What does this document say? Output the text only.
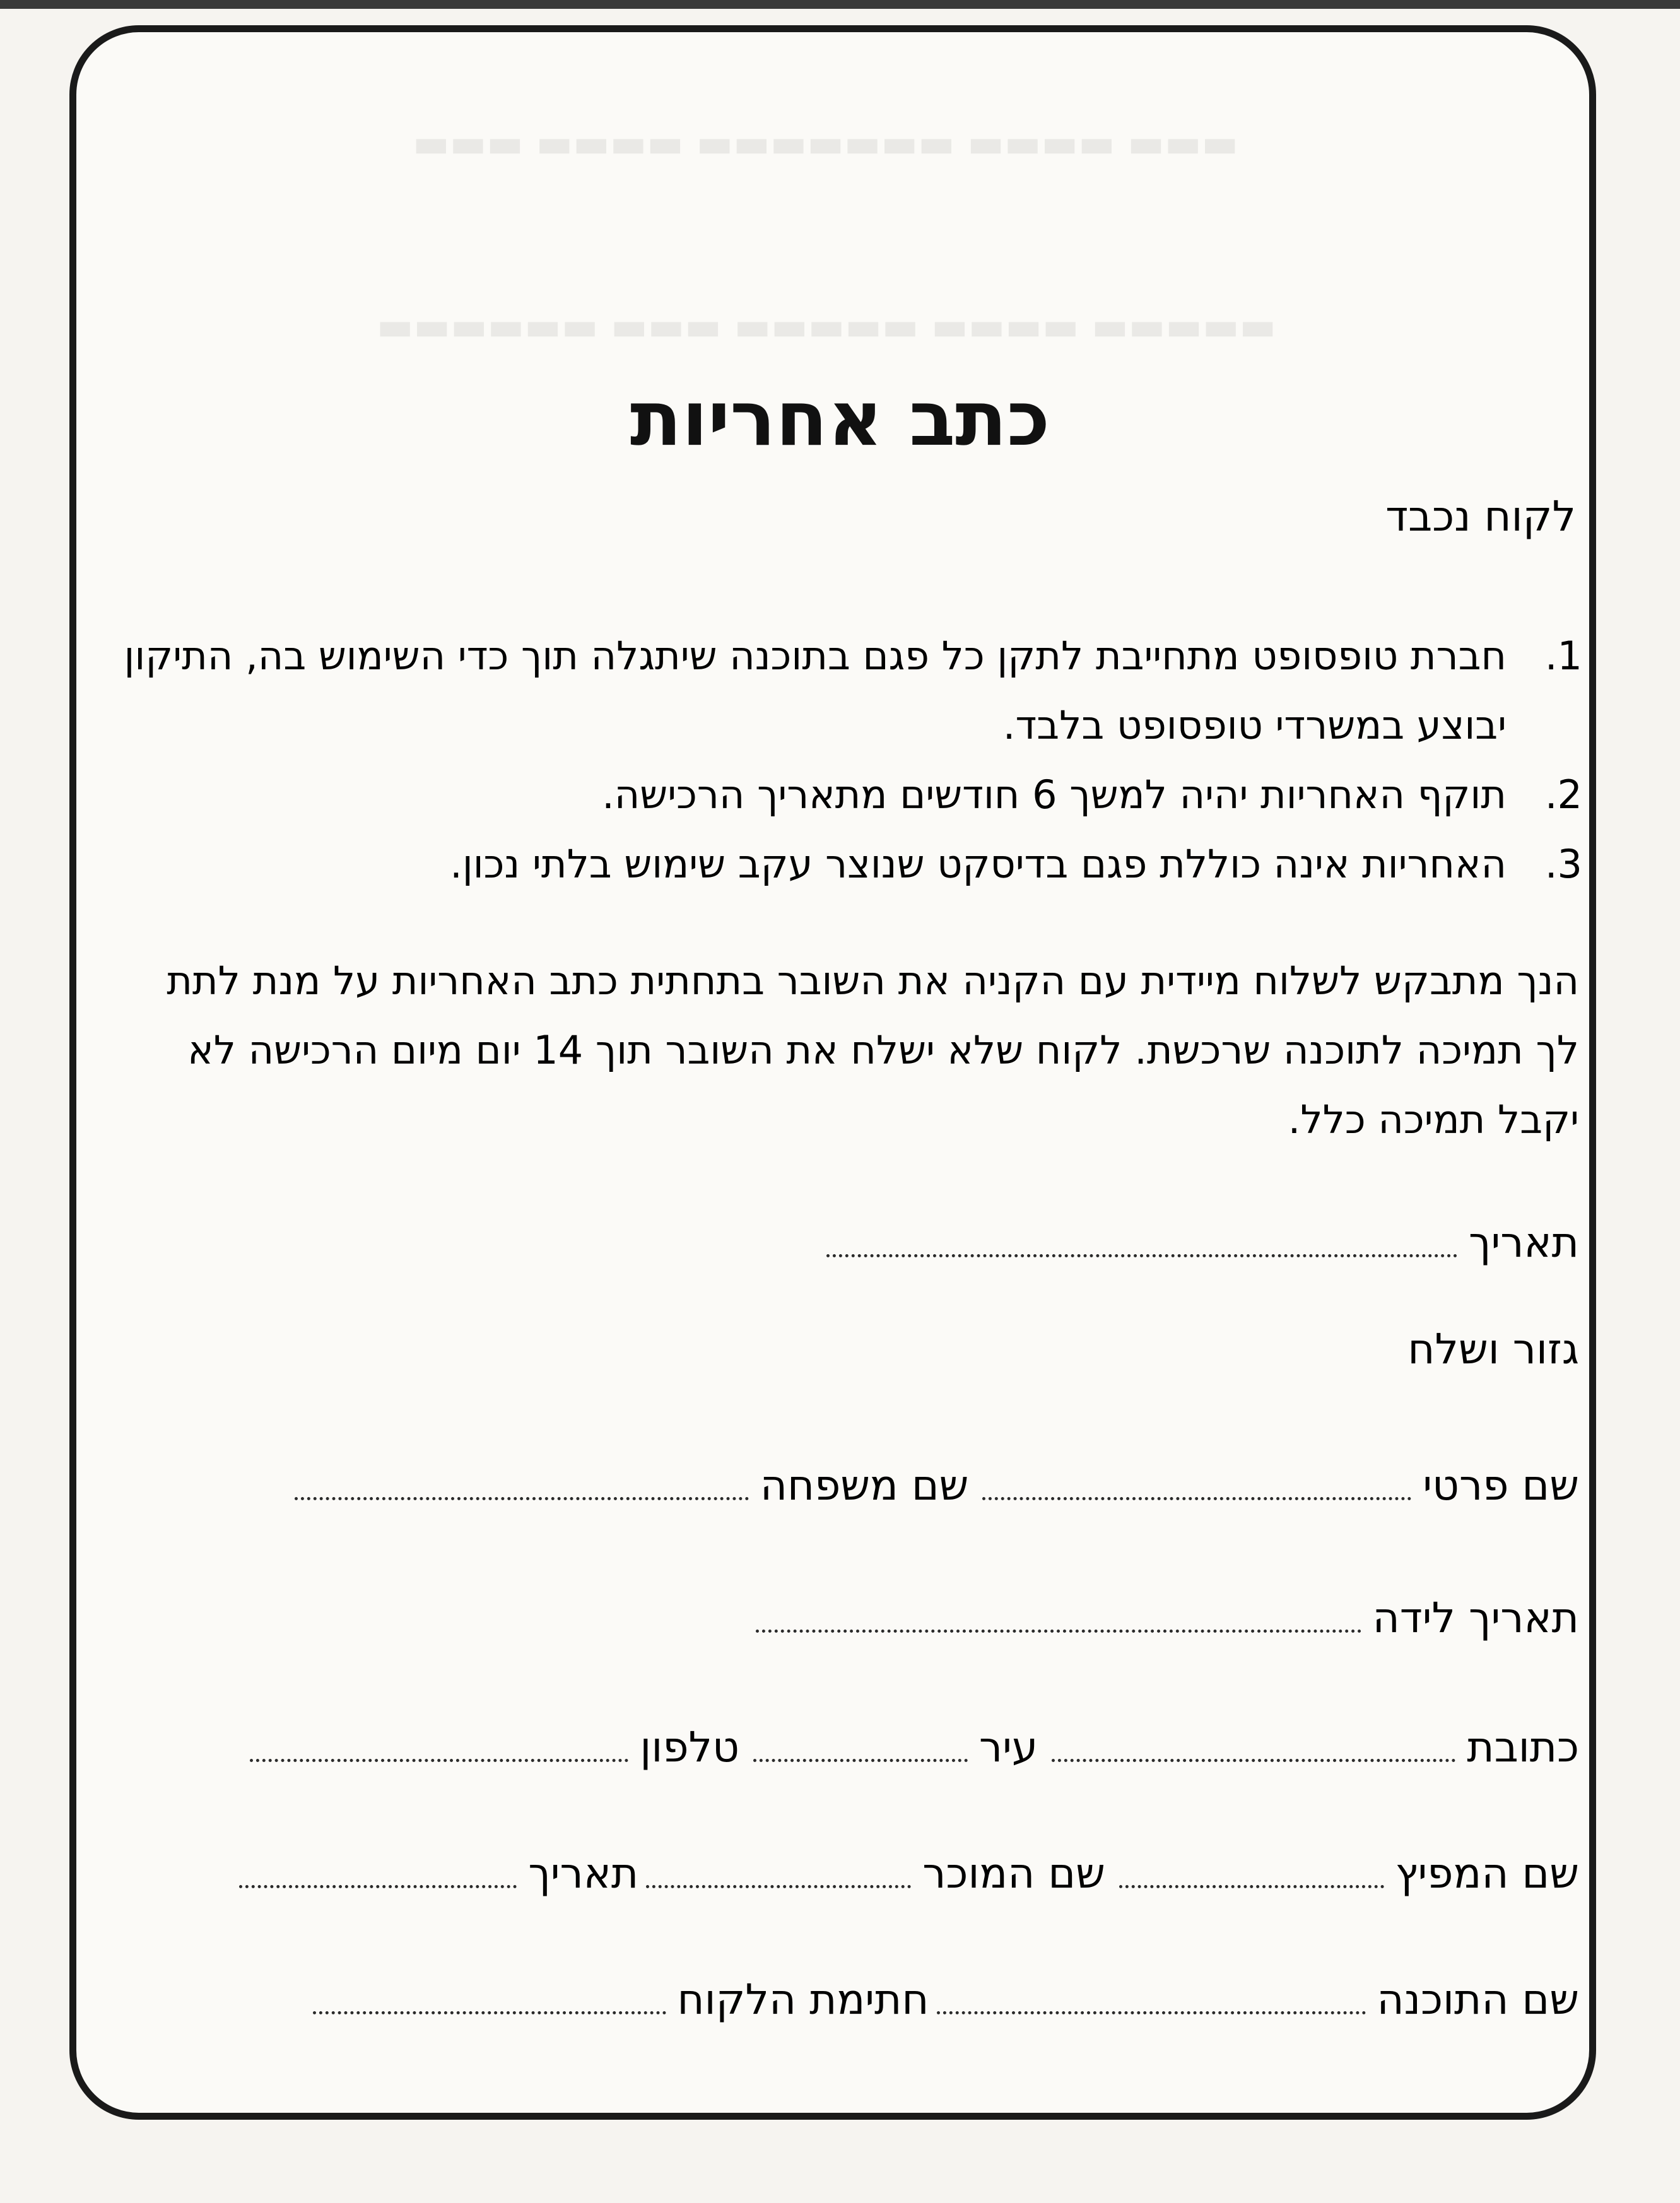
▬▬▬ ▬▬▬▬ ▬▬▬▬▬▬▬ ▬▬▬▬ ▬▬▬
▬▬▬▬▬ ▬▬▬▬ ▬▬▬▬▬ ▬▬▬ ▬▬▬▬▬▬
כתב אחריות
לקוח נכבד
1.
חברת טופסופט מתחייבת לתקן כל פגם בתוכנה שיתגלה תוך כדי השימוש בה, התיקון יבוצע במשרדי טופסופט בלבד.
2.
תוקף האחריות יהיה למשך 6 חודשים מתאריך הרכישה.
3.
האחריות אינה כוללת פגם בדיסקט שנוצר עקב שימוש בלתי נכון.
הנך מתבקש לשלוח מיידית עם הקניה את השובר בתחתית כתב האחריות על מנת לתת לך תמיכה לתוכנה שרכשת. לקוח שלא ישלח את השובר תוך 14 יום מיום הרכישה לא יקבל תמיכה כלל.
תאריך
גזור ושלח
שם פרטי
שם משפחה
תאריך לידה
כתובת
עיר
טלפון
שם המפיץ
שם המוכר
תאריך
שם התוכנה
חתימת הלקוח
